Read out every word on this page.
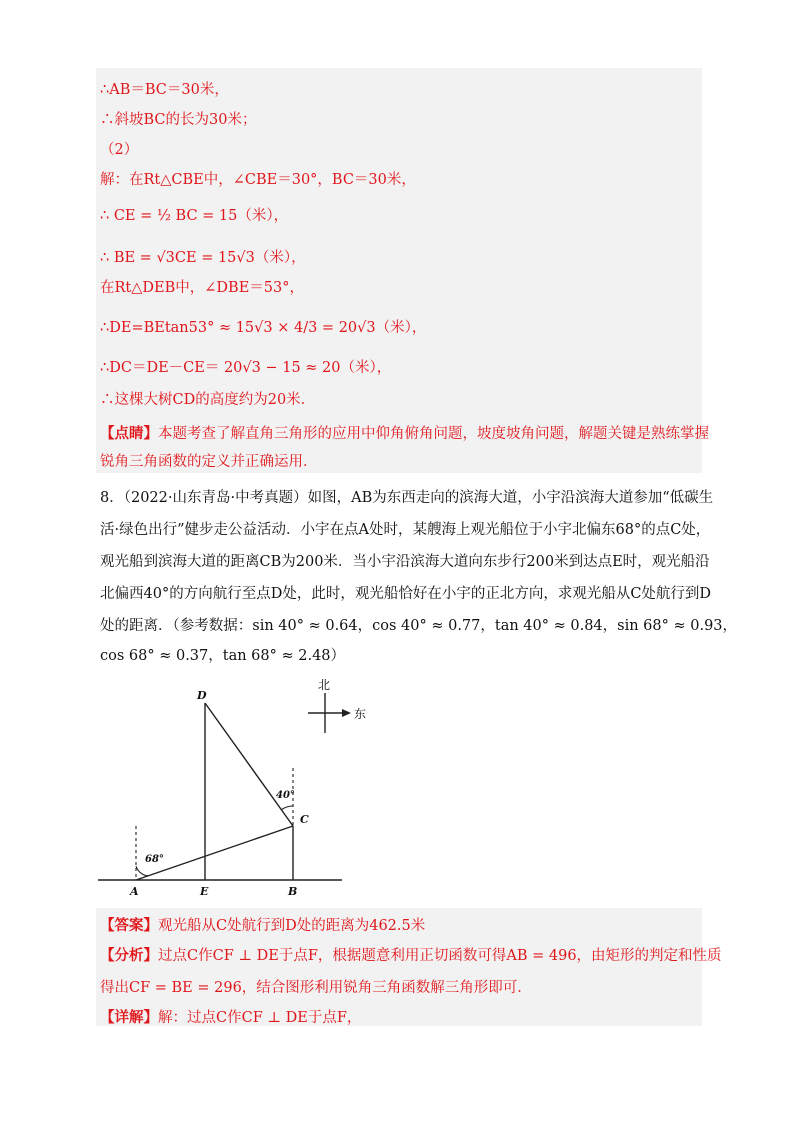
∴AB＝BC＝30米，
∴斜坡BC的长为30米；
（2）
解：在Rt△CBE中，∠CBE＝30°，BC＝30米，
∴ CE = ½ BC = 15（米），
∴ BE = √3CE = 15√3（米），
在Rt△DEB中，∠DBE＝53°，
∴DE=BEtan53° ≈ 15√3 × 4/3 = 20√3（米），
∴DC＝DE－CE＝ 20√3 − 15 ≈ 20（米），
∴这棵大树CD的高度约为20米．
【点睛】本题考查了解直角三角形的应用中仰角俯角问题，坡度坡角问题，解题关键是熟练掌握
锐角三角函数的定义并正确运用．
8．（2022·山东青岛·中考真题）如图，AB为东西走向的滨海大道，小宇沿滨海大道参加“低碳生
活·绿色出行”健步走公益活动．小宇在点A处时，某艘海上观光船位于小宇北偏东68°的点C处，
观光船到滨海大道的距离CB为200米．当小宇沿滨海大道向东步行200米到达点E时，观光船沿
北偏西40°的方向航行至点D处，此时，观光船恰好在小宇的正北方向，求观光船从C处航行到D
处的距离．（参考数据：sin 40° ≈ 0.64，cos 40° ≈ 0.77，tan 40° ≈ 0.84，sin 68° ≈ 0.93，
cos 68° ≈ 0.37，tan 68° ≈ 2.48）
D
C
A	E	B
68°
40°
北
东
【答案】观光船从C处航行到D处的距离为462.5米
【分析】过点C作CF ⊥ DE于点F，根据题意利用正切函数可得AB = 496，由矩形的判定和性质
得出CF = BE = 296，结合图形利用锐角三角函数解三角形即可．
【详解】解：过点C作CF ⊥ DE于点F，
